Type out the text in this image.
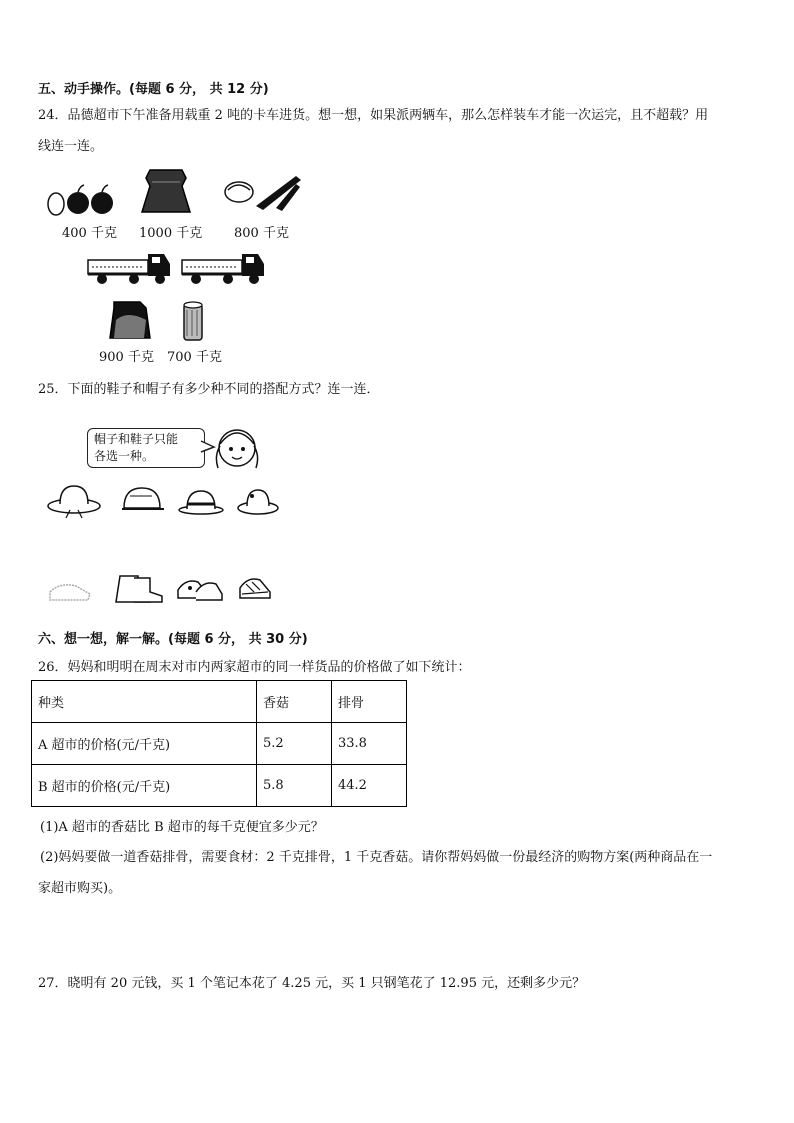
五、动手操作。(每题 6 分， 共 12 分)
24．品德超市下午准备用载重 2 吨的卡车进货。想一想，如果派两辆车，那么怎样装车才能一次运完，且不超载？用
线连一连。
400 千克 1000 千克 800 千克
900 千克 700 千克
25．下面的鞋子和帽子有多少种不同的搭配方式？连一连．
帽子和鞋子只能
各选一种。
六、想一想，解一解。(每题 6 分， 共 30 分)
26．妈妈和明明在周末对市内两家超市的同一样货品的价格做了如下统计：
种类	香菇	排骨
A 超市的价格(元/千克)	5.2	33.8
B 超市的价格(元/千克)	5.8	44.2
(1)A 超市的香菇比 B 超市的每千克便宜多少元？
(2)妈妈要做一道香菇排骨，需要食材：2 千克排骨，1 千克香菇。请你帮妈妈做一份最经济的购物方案(两种商品在一
家超市购买)。
27．晓明有 20 元钱，买 1 个笔记本花了 4.25 元，买 1 只钢笔花了 12.95 元，还剩多少元？
